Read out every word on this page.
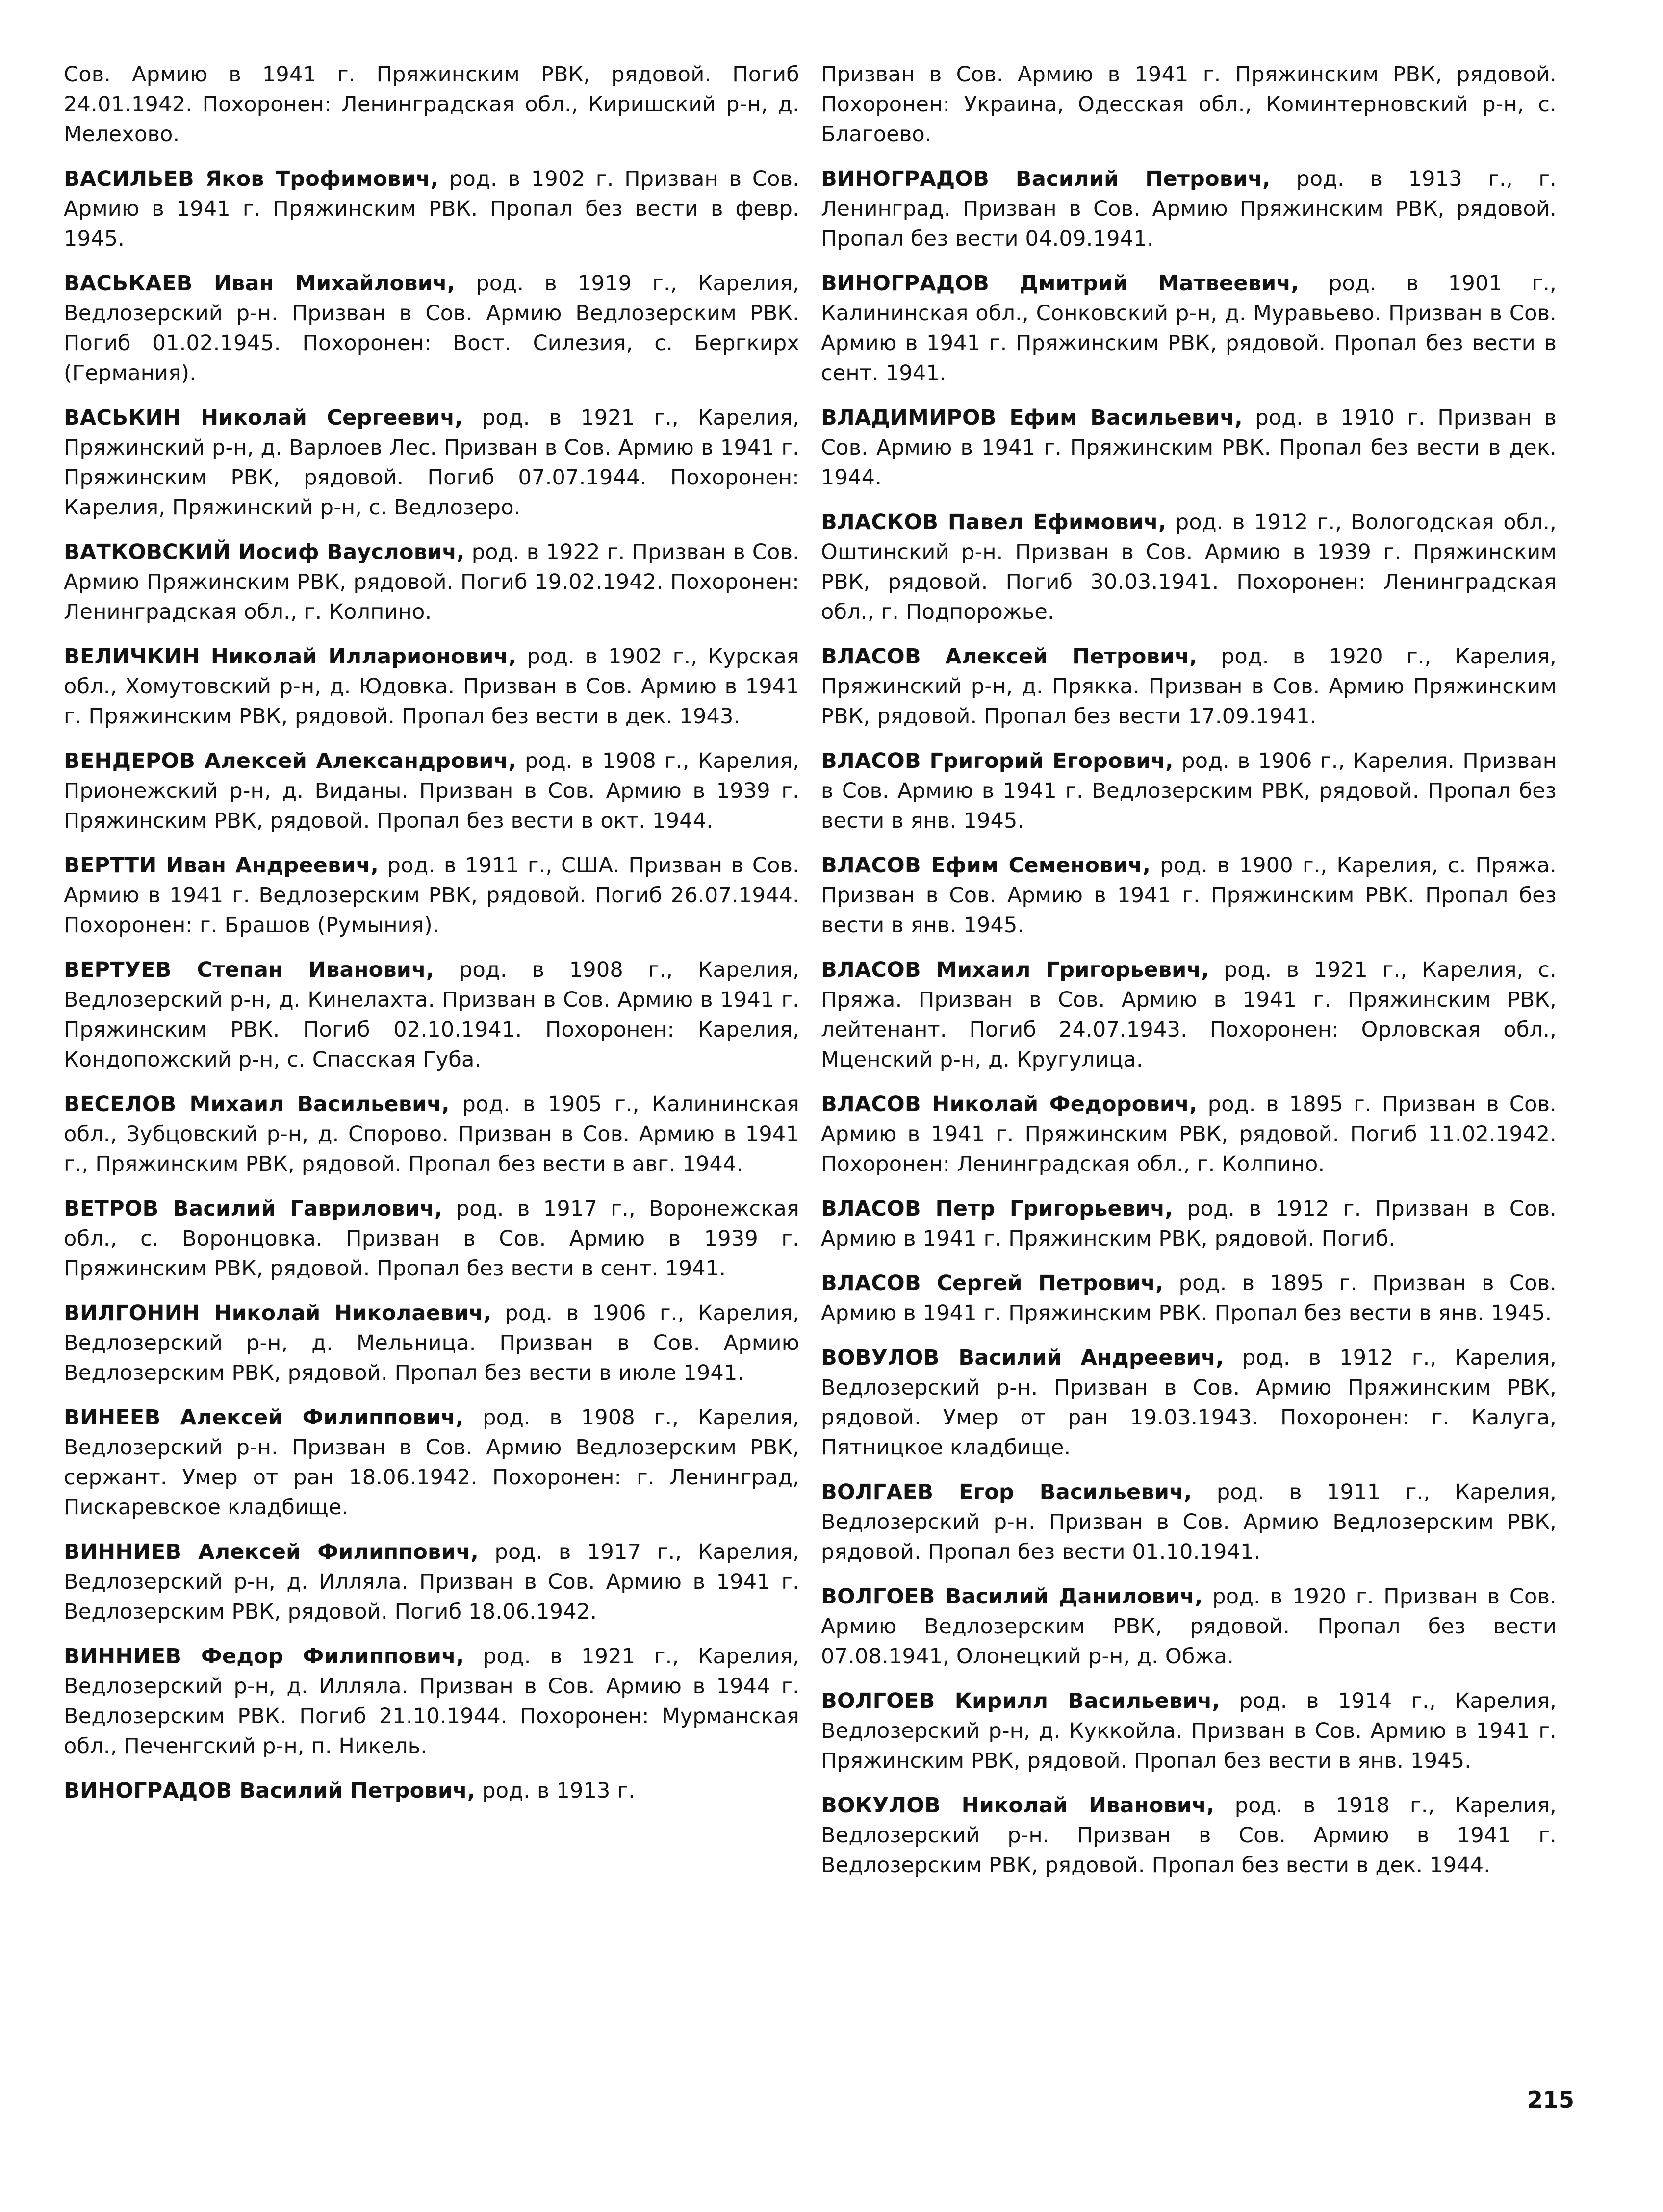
Сов. Армию в 1941 г. Пряжинским РВК, рядовой. Погиб 24.01.1942. Похоронен: Ленинградская обл., Киришский р-н, д. Мелехово.

ВАСИЛЬЕВ Яков Трофимович, род. в 1902 г. Призван в Сов. Армию в 1941 г. Пряжинским РВК. Пропал без вести в февр. 1945.

ВАСЬКАЕВ Иван Михайлович, род. в 1919 г., Карелия, Ведлозерский р-н. Призван в Сов. Армию Ведлозерским РВК. Погиб 01.02.1945. Похоронен: Вост. Силезия, с. Бергкирх (Германия).

ВАСЬКИН Николай Сергеевич, род. в 1921 г., Карелия, Пряжинский р-н, д. Варлоев Лес. Призван в Сов. Армию в 1941 г. Пряжинским РВК, рядовой. Погиб 07.07.1944. Похоронен: Карелия, Пряжинский р-н, с. Ведлозеро.

ВАТКОВСКИЙ Иосиф Вауслович, род. в 1922 г. Призван в Сов. Армию Пряжинским РВК, рядовой. Погиб 19.02.1942. Похоронен: Ленинградская обл., г. Колпино.

ВЕЛИЧКИН Николай Илларионович, род. в 1902 г., Курская обл., Хомутовский р-н, д. Юдовка. Призван в Сов. Армию в 1941 г. Пряжинским РВК, рядовой. Пропал без вести в дек. 1943.

ВЕНДЕРОВ Алексей Александрович, род. в 1908 г., Карелия, Прионежский р-н, д. Виданы. Призван в Сов. Армию в 1939 г. Пряжинским РВК, рядовой. Пропал без вести в окт. 1944.

ВЕРТТИ Иван Андреевич, род. в 1911 г., США. Призван в Сов. Армию в 1941 г. Ведлозерским РВК, рядовой. Погиб 26.07.1944. Похоронен: г. Брашов (Румыния).

ВЕРТУЕВ Степан Иванович, род. в 1908 г., Карелия, Ведлозерский р-н, д. Кинелахта. Призван в Сов. Армию в 1941 г. Пряжинским РВК. Погиб 02.10.1941. Похоронен: Карелия, Кондопожский р-н, с. Спасская Губа.

ВЕСЕЛОВ Михаил Васильевич, род. в 1905 г., Калининская обл., Зубцовский р-н, д. Спорово. Призван в Сов. Армию в 1941 г., Пряжинским РВК, рядовой. Пропал без вести в авг. 1944.

ВЕТРОВ Василий Гаврилович, род. в 1917 г., Воронежская обл., с. Воронцовка. Призван в Сов. Армию в 1939 г. Пряжинским РВК, рядовой. Пропал без вести в сент. 1941.

ВИЛГОНИН Николай Николаевич, род. в 1906 г., Карелия, Ведлозерский р-н, д. Мельница. Призван в Сов. Армию Ведлозерским РВК, рядовой. Пропал без вести в июле 1941.

ВИНЕЕВ Алексей Филиппович, род. в 1908 г., Карелия, Ведлозерский р-н. Призван в Сов. Армию Ведлозерским РВК, сержант. Умер от ран 18.06.1942. Похоронен: г. Ленинград, Пискаревское кладбище.

ВИННИЕВ Алексей Филиппович, род. в 1917 г., Карелия, Ведлозерский р-н, д. Илляла. Призван в Сов. Армию в 1941 г. Ведлозерским РВК, рядовой. Погиб 18.06.1942.

ВИННИЕВ Федор Филиппович, род. в 1921 г., Карелия, Ведлозерский р-н, д. Илляла. Призван в Сов. Армию в 1944 г. Ведлозерским РВК. Погиб 21.10.1944. Похоронен: Мурманская обл., Печенгский р-н, п. Никель.

ВИНОГРАДОВ Василий Петрович, род. в 1913 г.

Призван в Сов. Армию в 1941 г. Пряжинским РВК, рядовой. Похоронен: Украина, Одесская обл., Коминтерновский р-н, с. Благоево.

ВИНОГРАДОВ Василий Петрович, род. в 1913 г., г. Ленинград. Призван в Сов. Армию Пряжинским РВК, рядовой. Пропал без вести 04.09.1941.

ВИНОГРАДОВ Дмитрий Матвеевич, род. в 1901 г., Калининская обл., Сонковский р-н, д. Муравьево. Призван в Сов. Армию в 1941 г. Пряжинским РВК, рядовой. Пропал без вести в сент. 1941.

ВЛАДИМИРОВ Ефим Васильевич, род. в 1910 г. Призван в Сов. Армию в 1941 г. Пряжинским РВК. Пропал без вести в дек. 1944.

ВЛАСКОВ Павел Ефимович, род. в 1912 г., Вологодская обл., Оштинский р-н. Призван в Сов. Армию в 1939 г. Пряжинским РВК, рядовой. Погиб 30.03.1941. Похоронен: Ленинградская обл., г. Подпорожье.

ВЛАСОВ Алексей Петрович, род. в 1920 г., Карелия, Пряжинский р-н, д. Пряккa. Призван в Сов. Армию Пряжинским РВК, рядовой. Пропал без вести 17.09.1941.

ВЛАСОВ Григорий Егорович, род. в 1906 г., Карелия. Призван в Сов. Армию в 1941 г. Ведлозерским РВК, рядовой. Пропал без вести в янв. 1945.

ВЛАСОВ Ефим Семенович, род. в 1900 г., Карелия, с. Пряжа. Призван в Сов. Армию в 1941 г. Пряжинским РВК. Пропал без вести в янв. 1945.

ВЛАСОВ Михаил Григорьевич, род. в 1921 г., Карелия, с. Пряжа. Призван в Сов. Армию в 1941 г. Пряжинским РВК, лейтенант. Погиб 24.07.1943. Похоронен: Орловская обл., Мценский р-н, д. Кругулица.

ВЛАСОВ Николай Федорович, род. в 1895 г. Призван в Сов. Армию в 1941 г. Пряжинским РВК, рядовой. Погиб 11.02.1942. Похоронен: Ленинградская обл., г. Колпино.

ВЛАСОВ Петр Григорьевич, род. в 1912 г. Призван в Сов. Армию в 1941 г. Пряжинским РВК, рядовой. Погиб.

ВЛАСОВ Сергей Петрович, род. в 1895 г. Призван в Сов. Армию в 1941 г. Пряжинским РВК. Пропал без вести в янв. 1945.

ВОВУЛОВ Василий Андреевич, род. в 1912 г., Карелия, Ведлозерский р-н. Призван в Сов. Армию Пряжинским РВК, рядовой. Умер от ран 19.03.1943. Похоронен: г. Калуга, Пятницкое кладбище.

ВОЛГАЕВ Егор Васильевич, род. в 1911 г., Карелия, Ведлозерский р-н. Призван в Сов. Армию Ведлозерским РВК, рядовой. Пропал без вести 01.10.1941.

ВОЛГОЕВ Василий Данилович, род. в 1920 г. Призван в Сов. Армию Ведлозерским РВК, рядовой. Пропал без вести 07.08.1941, Олонецкий р-н, д. Обжа.

ВОЛГОЕВ Кирилл Васильевич, род. в 1914 г., Карелия, Ведлозерский р-н, д. Куккойла. Призван в Сов. Армию в 1941 г. Пряжинским РВК, рядовой. Пропал без вести в янв. 1945.

ВОКУЛОВ Николай Иванович, род. в 1918 г., Карелия, Ведлозерский р-н. Призван в Сов. Армию в 1941 г. Ведлозерским РВК, рядовой. Пропал без вести в дек. 1944.

215
